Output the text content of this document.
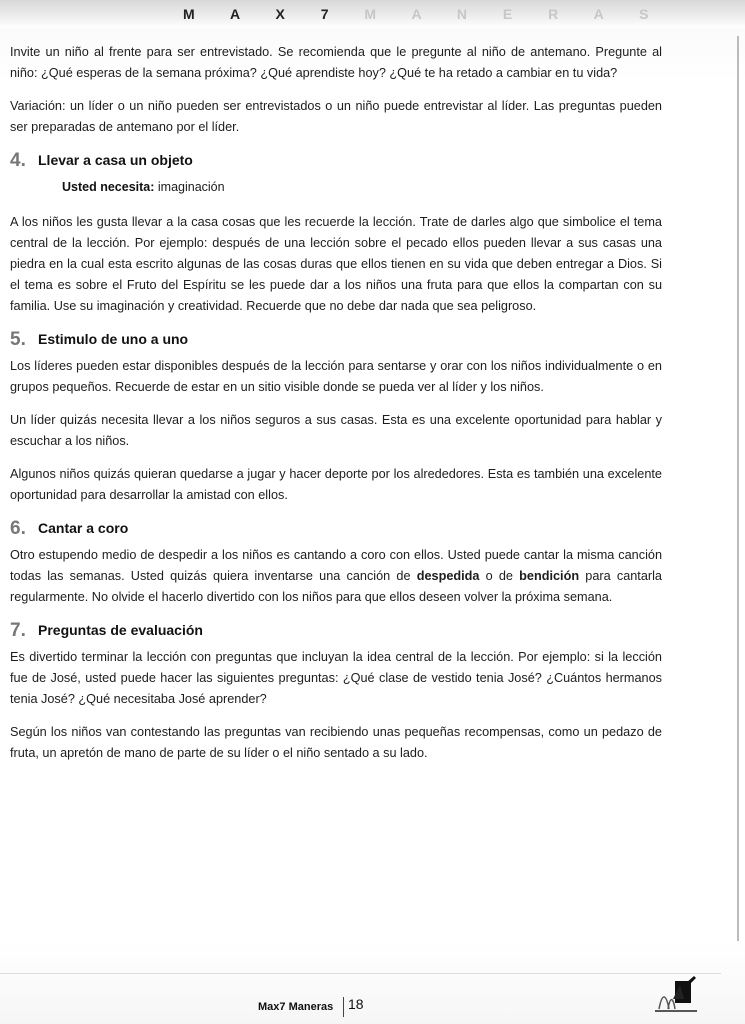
M A X 7 M A N E R A S

Invite un niño al frente para ser entrevistado. Se recomienda que le pregunte al niño de antemano. Pregunte al niño: ¿Qué esperas de la semana próxima? ¿Qué aprendiste hoy? ¿Qué te ha retado a cambiar en tu vida?

Variación: un líder o un niño pueden ser entrevistados o un niño puede entrevistar al líder. Las preguntas pueden ser preparadas de antemano por el líder.

4. Llevar a casa un objeto
Usted necesita: imaginación

A los niños les gusta llevar a la casa cosas que les recuerde la lección. Trate de darles algo que simbolice el tema central de la lección. Por ejemplo: después de una lección sobre el pecado ellos pueden llevar a sus casas una piedra en la cual esta escrito algunas de las cosas duras que ellos tienen en su vida que deben entregar a Dios. Si el tema es sobre el Fruto del Espíritu se les puede dar a los niños una fruta para que ellos la compartan con su familia. Use su imaginación y creatividad. Recuerde que no debe dar nada que sea peligroso.

5. Estimulo de uno a uno

Los líderes pueden estar disponibles después de la lección para sentarse y orar con los niños individualmente o en grupos pequeños. Recuerde de estar en un sitio visible donde se pueda ver al líder y los niños.

Un líder quizás necesita llevar a los niños seguros a sus casas. Esta es una excelente oportunidad para hablar y escuchar a los niños.

Algunos niños quizás quieran quedarse a jugar y hacer deporte por los alrededores. Esta es también una excelente oportunidad para desarrollar la amistad con ellos.

6. Cantar a coro

Otro estupendo medio de despedir a los niños es cantando a coro con ellos. Usted puede cantar la misma canción todas las semanas. Usted quizás quiera inventarse una canción de despedida o de bendición para cantarla regularmente. No olvide el hacerlo divertido con los niños para que ellos deseen volver la próxima semana.

7. Preguntas de evaluación

Es divertido terminar la lección con preguntas que incluyan la idea central de la lección. Por ejemplo: si la lección fue de José, usted puede hacer las siguientes preguntas: ¿Qué clase de vestido tenia José? ¿Cuántos hermanos tenia José? ¿Qué necesitaba José aprender?

Según los niños van contestando las preguntas van recibiendo unas pequeñas recompensas, como un pedazo de fruta, un apretón de mano de parte de su líder o el niño sentado a su lado.

Max7 Maneras 18
